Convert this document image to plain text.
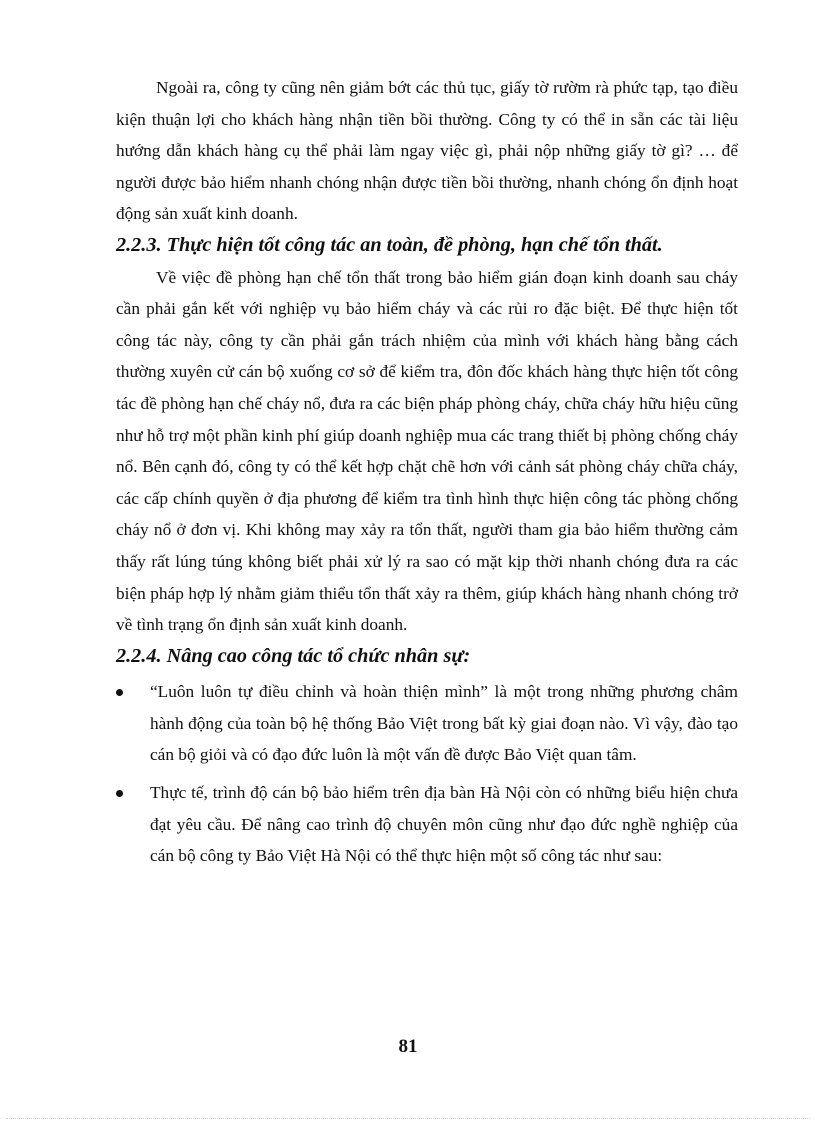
Ngoài ra, công ty cũng nên giảm bớt các thủ tục, giấy tờ rườm rà phức tạp, tạo điều kiện thuận lợi cho khách hàng nhận tiền bồi thường. Công ty có thể in sẵn các tài liệu hướng dẫn khách hàng cụ thể phải làm ngay việc gì, phải nộp những giấy tờ gì? … để người được bảo hiểm nhanh chóng nhận được tiền bồi thường, nhanh chóng ổn định hoạt động sản xuất kinh doanh.

2.2.3. Thực hiện tốt công tác an toàn, đề phòng, hạn chế tổn thất.

Về việc đề phòng hạn chế tổn thất trong bảo hiểm gián đoạn kinh doanh sau cháy cần phải gắn kết với nghiệp vụ bảo hiểm cháy và các rủi ro đặc biệt. Để thực hiện tốt công tác này, công ty cần phải gắn trách nhiệm của mình với khách hàng bằng cách thường xuyên cử cán bộ xuống cơ sở để kiểm tra, đôn đốc khách hàng thực hiện tốt công tác đề phòng hạn chế cháy nổ, đưa ra các biện pháp phòng cháy, chữa cháy hữu hiệu cũng như hỗ trợ một phần kinh phí giúp doanh nghiệp mua các trang thiết bị phòng chống cháy nổ. Bên cạnh đó, công ty có thể kết hợp chặt chẽ hơn với cảnh sát phòng cháy chữa cháy, các cấp chính quyền ở địa phương để kiểm tra tình hình thực hiện công tác phòng chống cháy nổ ở đơn vị. Khi không may xảy ra tổn thất, người tham gia bảo hiểm thường cảm thấy rất lúng túng không biết phải xử lý ra sao có mặt kịp thời nhanh chóng đưa ra các biện pháp hợp lý nhằm giảm thiểu tổn thất xảy ra thêm, giúp khách hàng nhanh chóng trở về tình trạng ổn định sản xuất kinh doanh.

2.2.4. Nâng cao công tác tổ chức nhân sự:
“Luôn luôn tự điều chỉnh và hoàn thiện mình” là một trong những phương châm hành động của toàn bộ hệ thống Bảo Việt trong bất kỳ giai đoạn nào. Vì vậy, đào tạo cán bộ giỏi và có đạo đức luôn là một vấn đề được Bảo Việt quan tâm.
Thực tế, trình độ cán bộ bảo hiểm trên địa bàn Hà Nội còn có những biểu hiện chưa đạt yêu cầu. Để nâng cao trình độ chuyên môn cũng như đạo đức nghề nghiệp của cán bộ công ty Bảo Việt Hà Nội có thể thực hiện một số công tác như sau:
81
